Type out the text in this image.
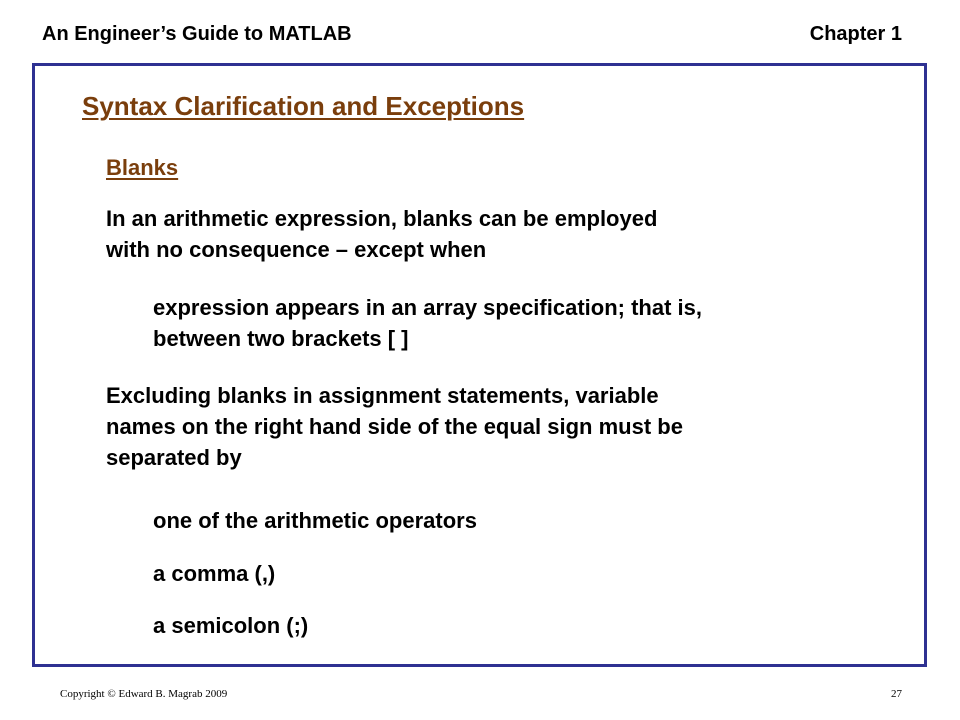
An Engineer’s Guide to MATLAB	Chapter 1
Syntax Clarification and Exceptions
Blanks

In an arithmetic expression, blanks can be employed
with no consequence – except when

expression appears in an array specification; that is,
between two brackets [ ]

Excluding blanks in assignment statements, variable
names on the right hand side of the equal sign must be
separated by

one of the arithmetic operators

a comma (,)

a semicolon (;)

Copyright © Edward B. Magrab 2009	27
